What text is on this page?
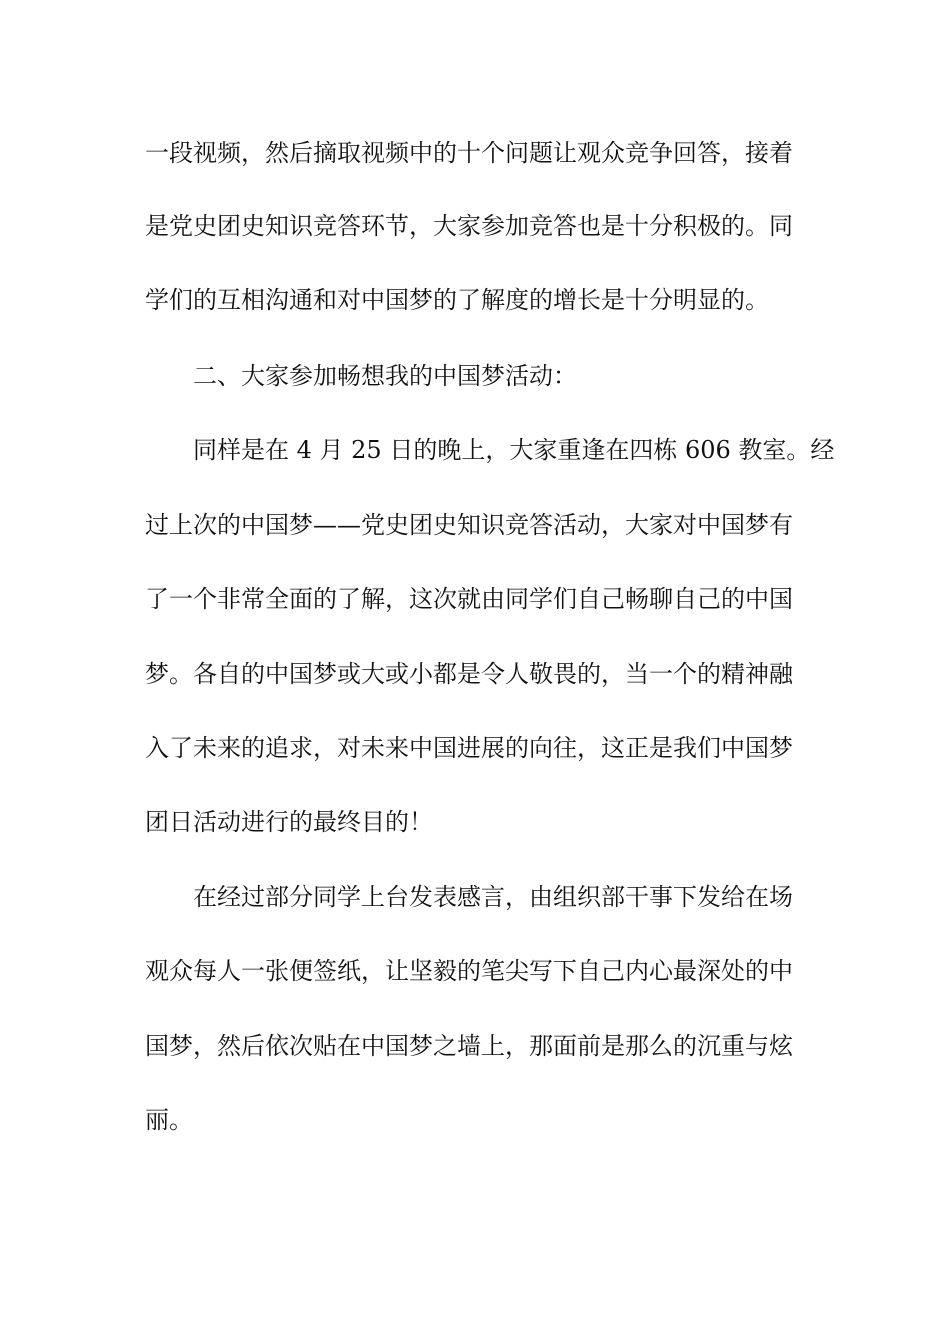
一段视频，然后摘取视频中的十个问题让观众竞争回答，接着
是党史团史知识竞答环节，大家参加竞答也是十分积极的。同
学们的互相沟通和对中国梦的了解度的增长是十分明显的。
二、大家参加畅想我的中国梦活动：
同样是在 4 月 25 日的晚上，大家重逢在四栋 606 教室。经
过上次的中国梦——党史团史知识竞答活动，大家对中国梦有
了一个非常全面的了解，这次就由同学们自己畅聊自己的中国
梦。各自的中国梦或大或小都是令人敬畏的，当一个的精神融
入了未来的追求，对未来中国进展的向往，这正是我们中国梦
团日活动进行的最终目的！
在经过部分同学上台发表感言，由组织部干事下发给在场
观众每人一张便签纸，让坚毅的笔尖写下自己内心最深处的中
国梦，然后依次贴在中国梦之墙上，那面前是那么的沉重与炫
丽。
